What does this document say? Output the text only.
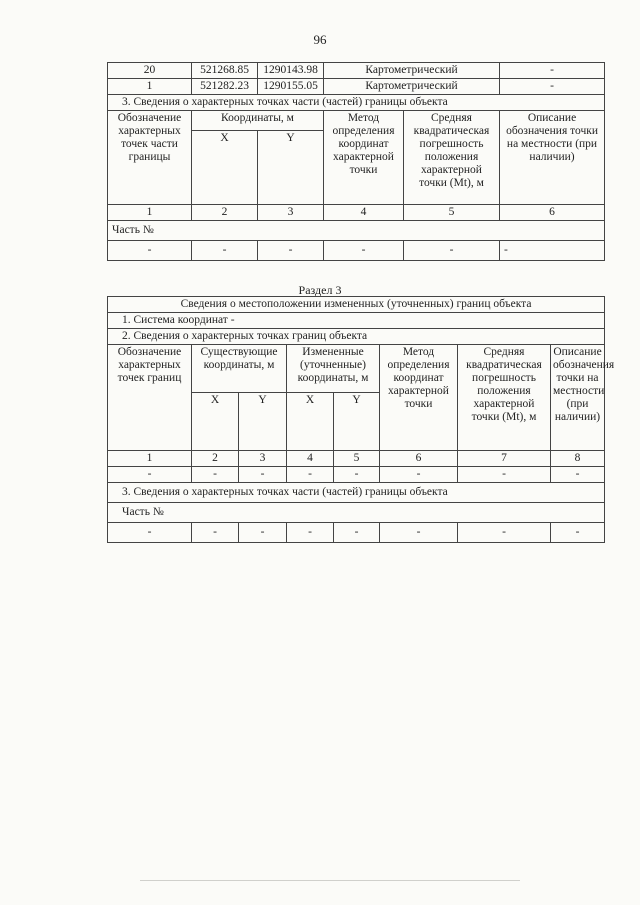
96
20	521268.85	1290143.98	Картометрический		-
1	521282.23	1290155.05	Картометрический		-
3. Сведения о характерных точках части (частей) границы объекта					
Обозначение характерных точек части границы	Координаты, м		Метод определения координат характерной точки	Средняя квадратическая погрешность положения характерной точки (Mt), м	Описание обозначения точки на местности (при наличии)
	X	Y			
1	2	3	4	5	6
Часть №					
-	-	-	-	-	-
Раздел 3
Сведения о местоположении измененных (уточненных) границ объекта							
1. Система координат -							
2. Сведения о характерных точках границ объекта							
Обозначение характерных точек границ	Существующие координаты, м		Измененные (уточненные) координаты, м		Метод определения координат характерной точки	Средняя квадратическая погрешность положения характерной точки (Mt), м	Описание обозначения точки на местности (при наличии)
	X	Y	X	Y			
1	2	3	4	5	6	7	8
-	-	-	-	-	-	-	-
3. Сведения о характерных точках части (частей) границы объекта							
Часть №							
-	-	-	-	-	-	-	-
